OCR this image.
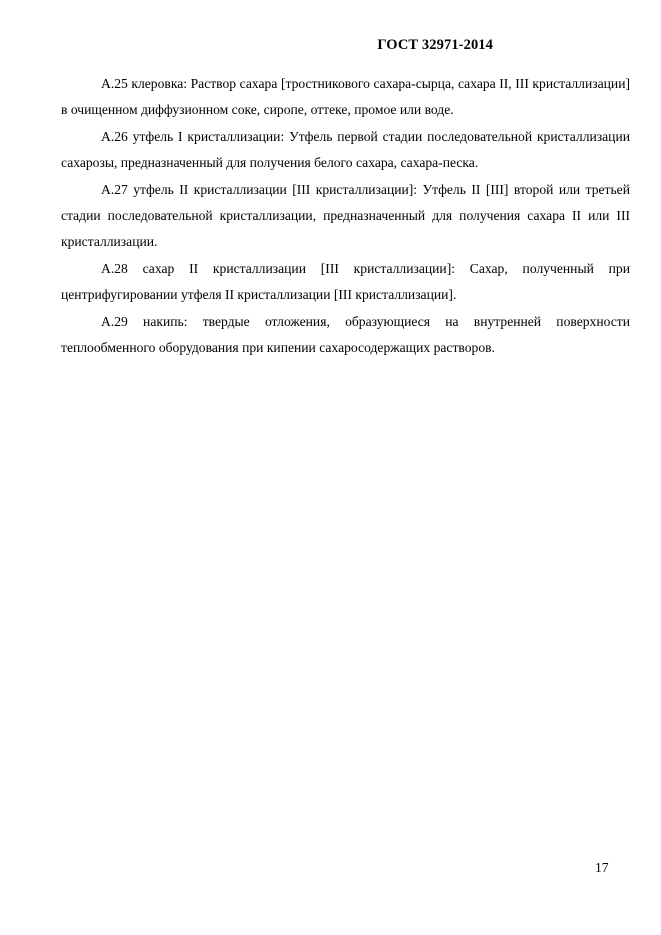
ГОСТ 32971-2014

А.25 клеровка: Раствор сахара [тростникового сахара-сырца, сахара II, III кристаллизации] в очищенном диффузионном соке, сиропе, оттеке, промое или воде.

А.26 утфель I кристаллизации: Утфель первой стадии последовательной кристаллизации сахарозы, предназначенный для получения белого сахара, сахара-песка.

А.27 утфель II кристаллизации [III кристаллизации]: Утфель II [III] второй или третьей стадии последовательной кристаллизации, предназначенный для получения сахара II или III кристаллизации.

А.28 сахар II кристаллизации [III кристаллизации]: Сахар, полученный при центрифугировании утфеля II кристаллизации [III кристаллизации].

А.29 накипь: твердые отложения, образующиеся на внутренней поверхности теплообменного оборудования при кипении сахаросодержащих растворов.

17
